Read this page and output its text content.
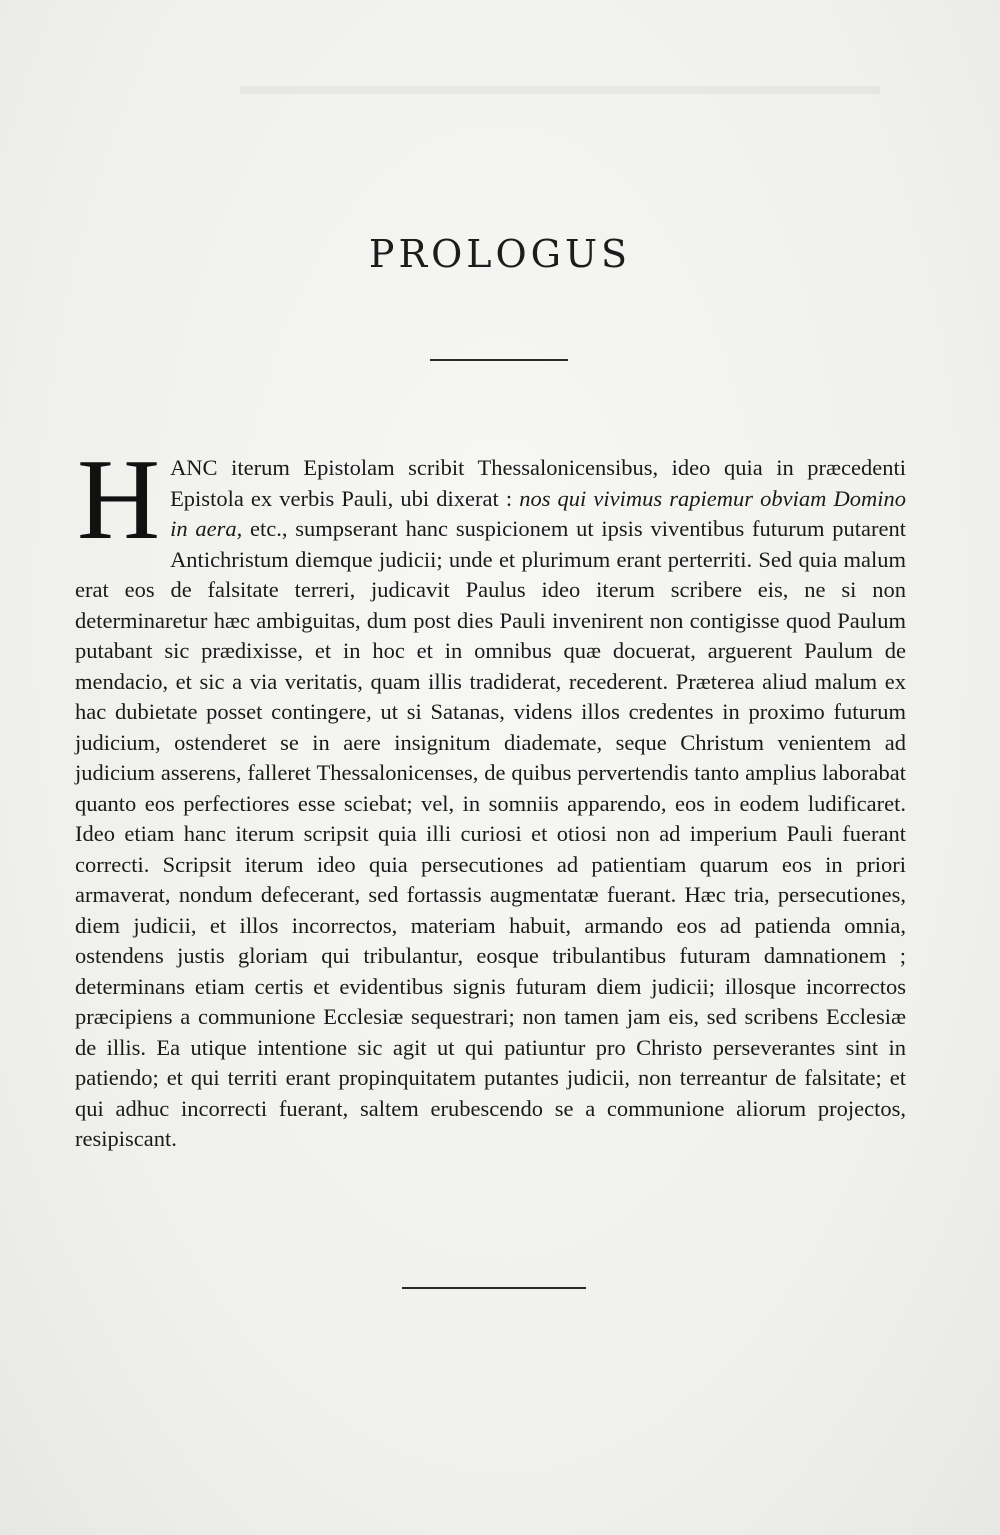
PROLOGUS

HANC iterum Epistolam scribit Thessalonicensibus, ideo quia in præcedenti Epistola ex verbis Pauli, ubi dixerat : nos qui vivimus rapiemur obviam Domino in aera, etc., sumpserant hanc suspicionem ut ipsis viventibus futurum putarent Antichristum diemque judicii; unde et plurimum erant perterriti. Sed quia malum erat eos de falsitate terreri, judicavit Paulus ideo iterum scribere eis, ne si non determinaretur hæc ambiguitas, dum post dies Pauli invenirent non contigisse quod Paulum putabant sic prædixisse, et in hoc et in omnibus quæ docuerat, arguerent Paulum de mendacio, et sic a via veritatis, quam illis tradiderat, recederent. Præterea aliud malum ex hac dubietate posset contingere, ut si Satanas, videns illos credentes in proximo futurum judicium, ostenderet se in aere insignitum diademate, seque Christum venientem ad judicium asserens, falleret Thessalonicenses, de quibus pervertendis tanto amplius laborabat quanto eos perfectiores esse sciebat; vel, in somniis apparendo, eos in eodem ludificaret. Ideo etiam hanc iterum scripsit quia illi curiosi et otiosi non ad imperium Pauli fuerant correcti. Scripsit iterum ideo quia persecutiones ad patientiam quarum eos in priori armaverat, nondum defecerant, sed fortassis augmentatæ fuerant. Hæc tria, persecutiones, diem judicii, et illos incorrectos, materiam habuit, armando eos ad patienda omnia, ostendens justis gloriam qui tribulantur, eosque tribulantibus futuram damnationem ; determinans etiam certis et evidentibus signis futuram diem judicii; illosque incorrectos præcipiens a communione Ecclesiæ sequestrari; non tamen jam eis, sed scribens Ecclesiæ de illis. Ea utique intentione sic agit ut qui patiuntur pro Christo perseverantes sint in patiendo; et qui territi erant propinquitatem putantes judicii, non terreantur de falsitate; et qui adhuc incorrecti fuerant, saltem erubescendo se a communione aliorum projectos, resipiscant.
